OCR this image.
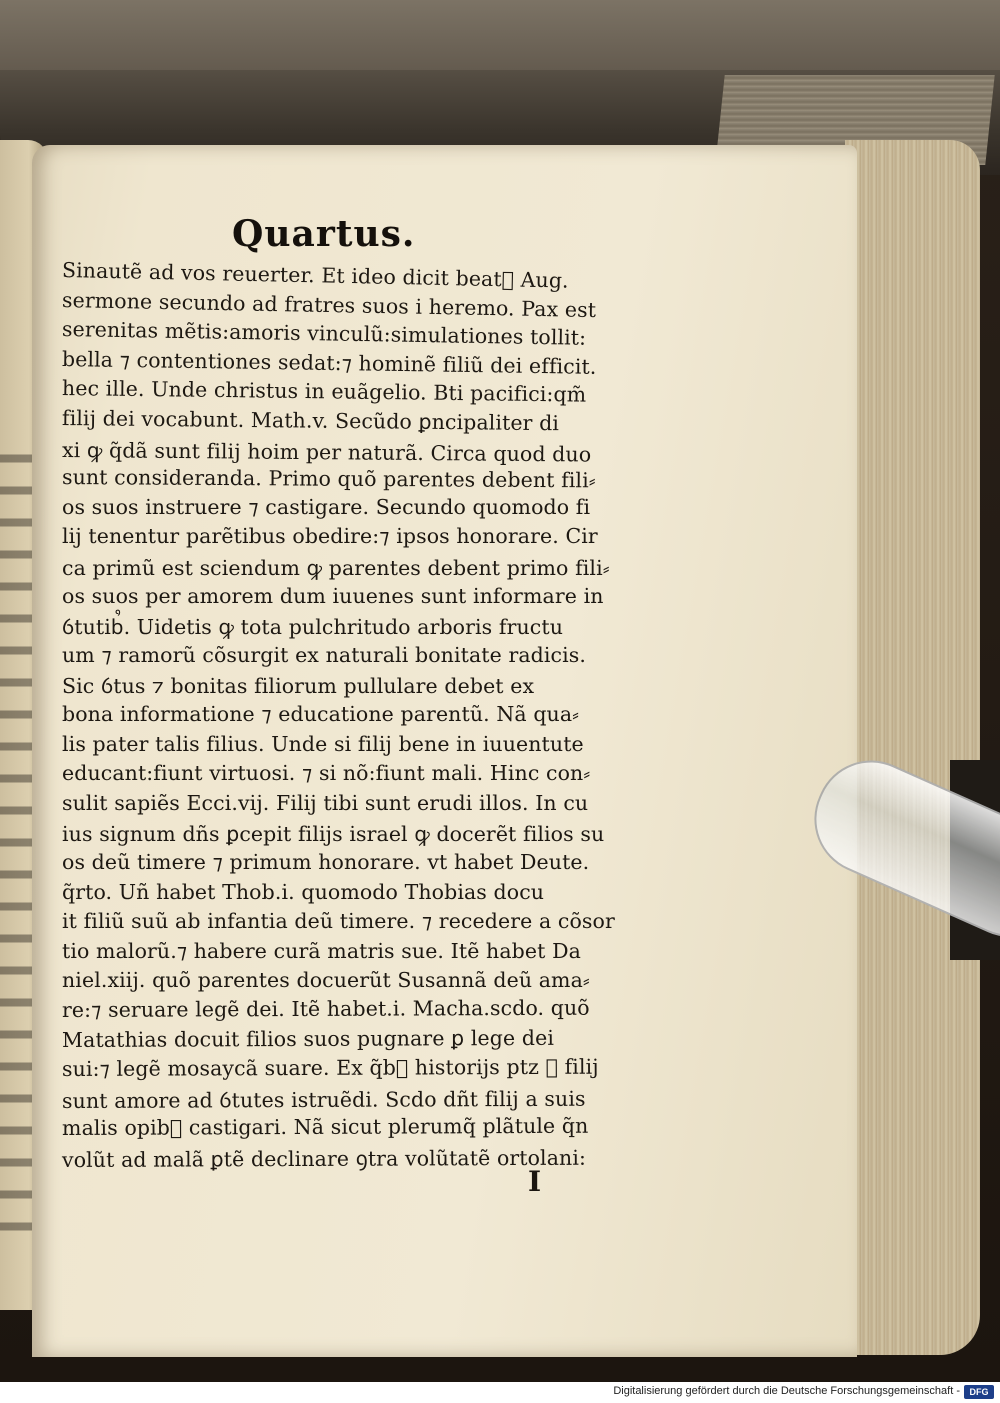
Quartus.
Sinautẽ ad vos reuerter. Et ideo dicit beat᷒ Aug.
sermone secundo ad fratres suos i heremo. Pax est
serenitas mẽtis:amoris vinculũ:simulationes tollit:
bella ⁊ contentiones sedat:⁊ hominẽ filiũ dei efficit.
hec ille. Unde christus in euãgelio. Bti pacifici:qm̃
filij dei vocabunt. Math.v. Secũdo ꝑncipaliter di
xi ꝙ q̃dã sunt filij hoim per naturã. Circa quod duo
sunt consideranda. Primo quõ parentes debent fili⸗
os suos instruere ⁊ castigare. Secundo quomodo fi
lij tenentur parẽtibus obedire:⁊ ipsos honorare. Cir
ca primũ est sciendum ꝙ parentes debent primo fili⸗
os suos per amorem dum iuuenes sunt informare in
ỽtutib᷒. Uidetis ꝙ tota pulchritudo arboris fructu
um ⁊ ramorũ cõsurgit ex naturali bonitate radicis.
Sic ỽtus ⁊ bonitas filiorum pullulare debet ex
bona informatione ⁊ educatione parentũ. Nã qua⸗
lis pater talis filius. Unde si filij bene in iuuentute
educant:fiunt virtuosi. ⁊ si nõ:fiunt mali. Hinc con⸗
sulit sapiẽs Ecci.vij. Filij tibi sunt erudi illos. In cu
ius signum dñs ꝑcepit filijs israel ꝙ docerẽt filios su
os deũ timere ⁊ primum honorare. vt habet Deute.
q̃rto. Uñ habet Thob.i. quomodo Thobias docu
it filiũ suũ ab infantia deũ timere. ⁊ recedere a cõsor
tio malorũ.⁊ habere curã matris sue. Itẽ habet Da
niel.xiij. quõ parentes docuerũt Susannã deũ ama⸗
re:⁊ seruare legẽ dei. Itẽ habet.i. Macha.scdo. quõ
Matathias docuit filios suos pugnare ꝑ lege dei
sui:⁊ legẽ mosaycã suare. Ex q̃b᷒ historijs ptz ꝙ filij
sunt amore ad ỽtutes istruẽdi. Scdo dñt filij a suis
malis opib᷒ castigari. Nã sicut plerumq̃ plãtule q̃n
volũt ad malã ꝑtẽ declinare ꝯtra volũtatẽ ortolani:
I
Digitalisierung gefördert durch die Deutsche Forschungsgemeinschaft -
DFG
